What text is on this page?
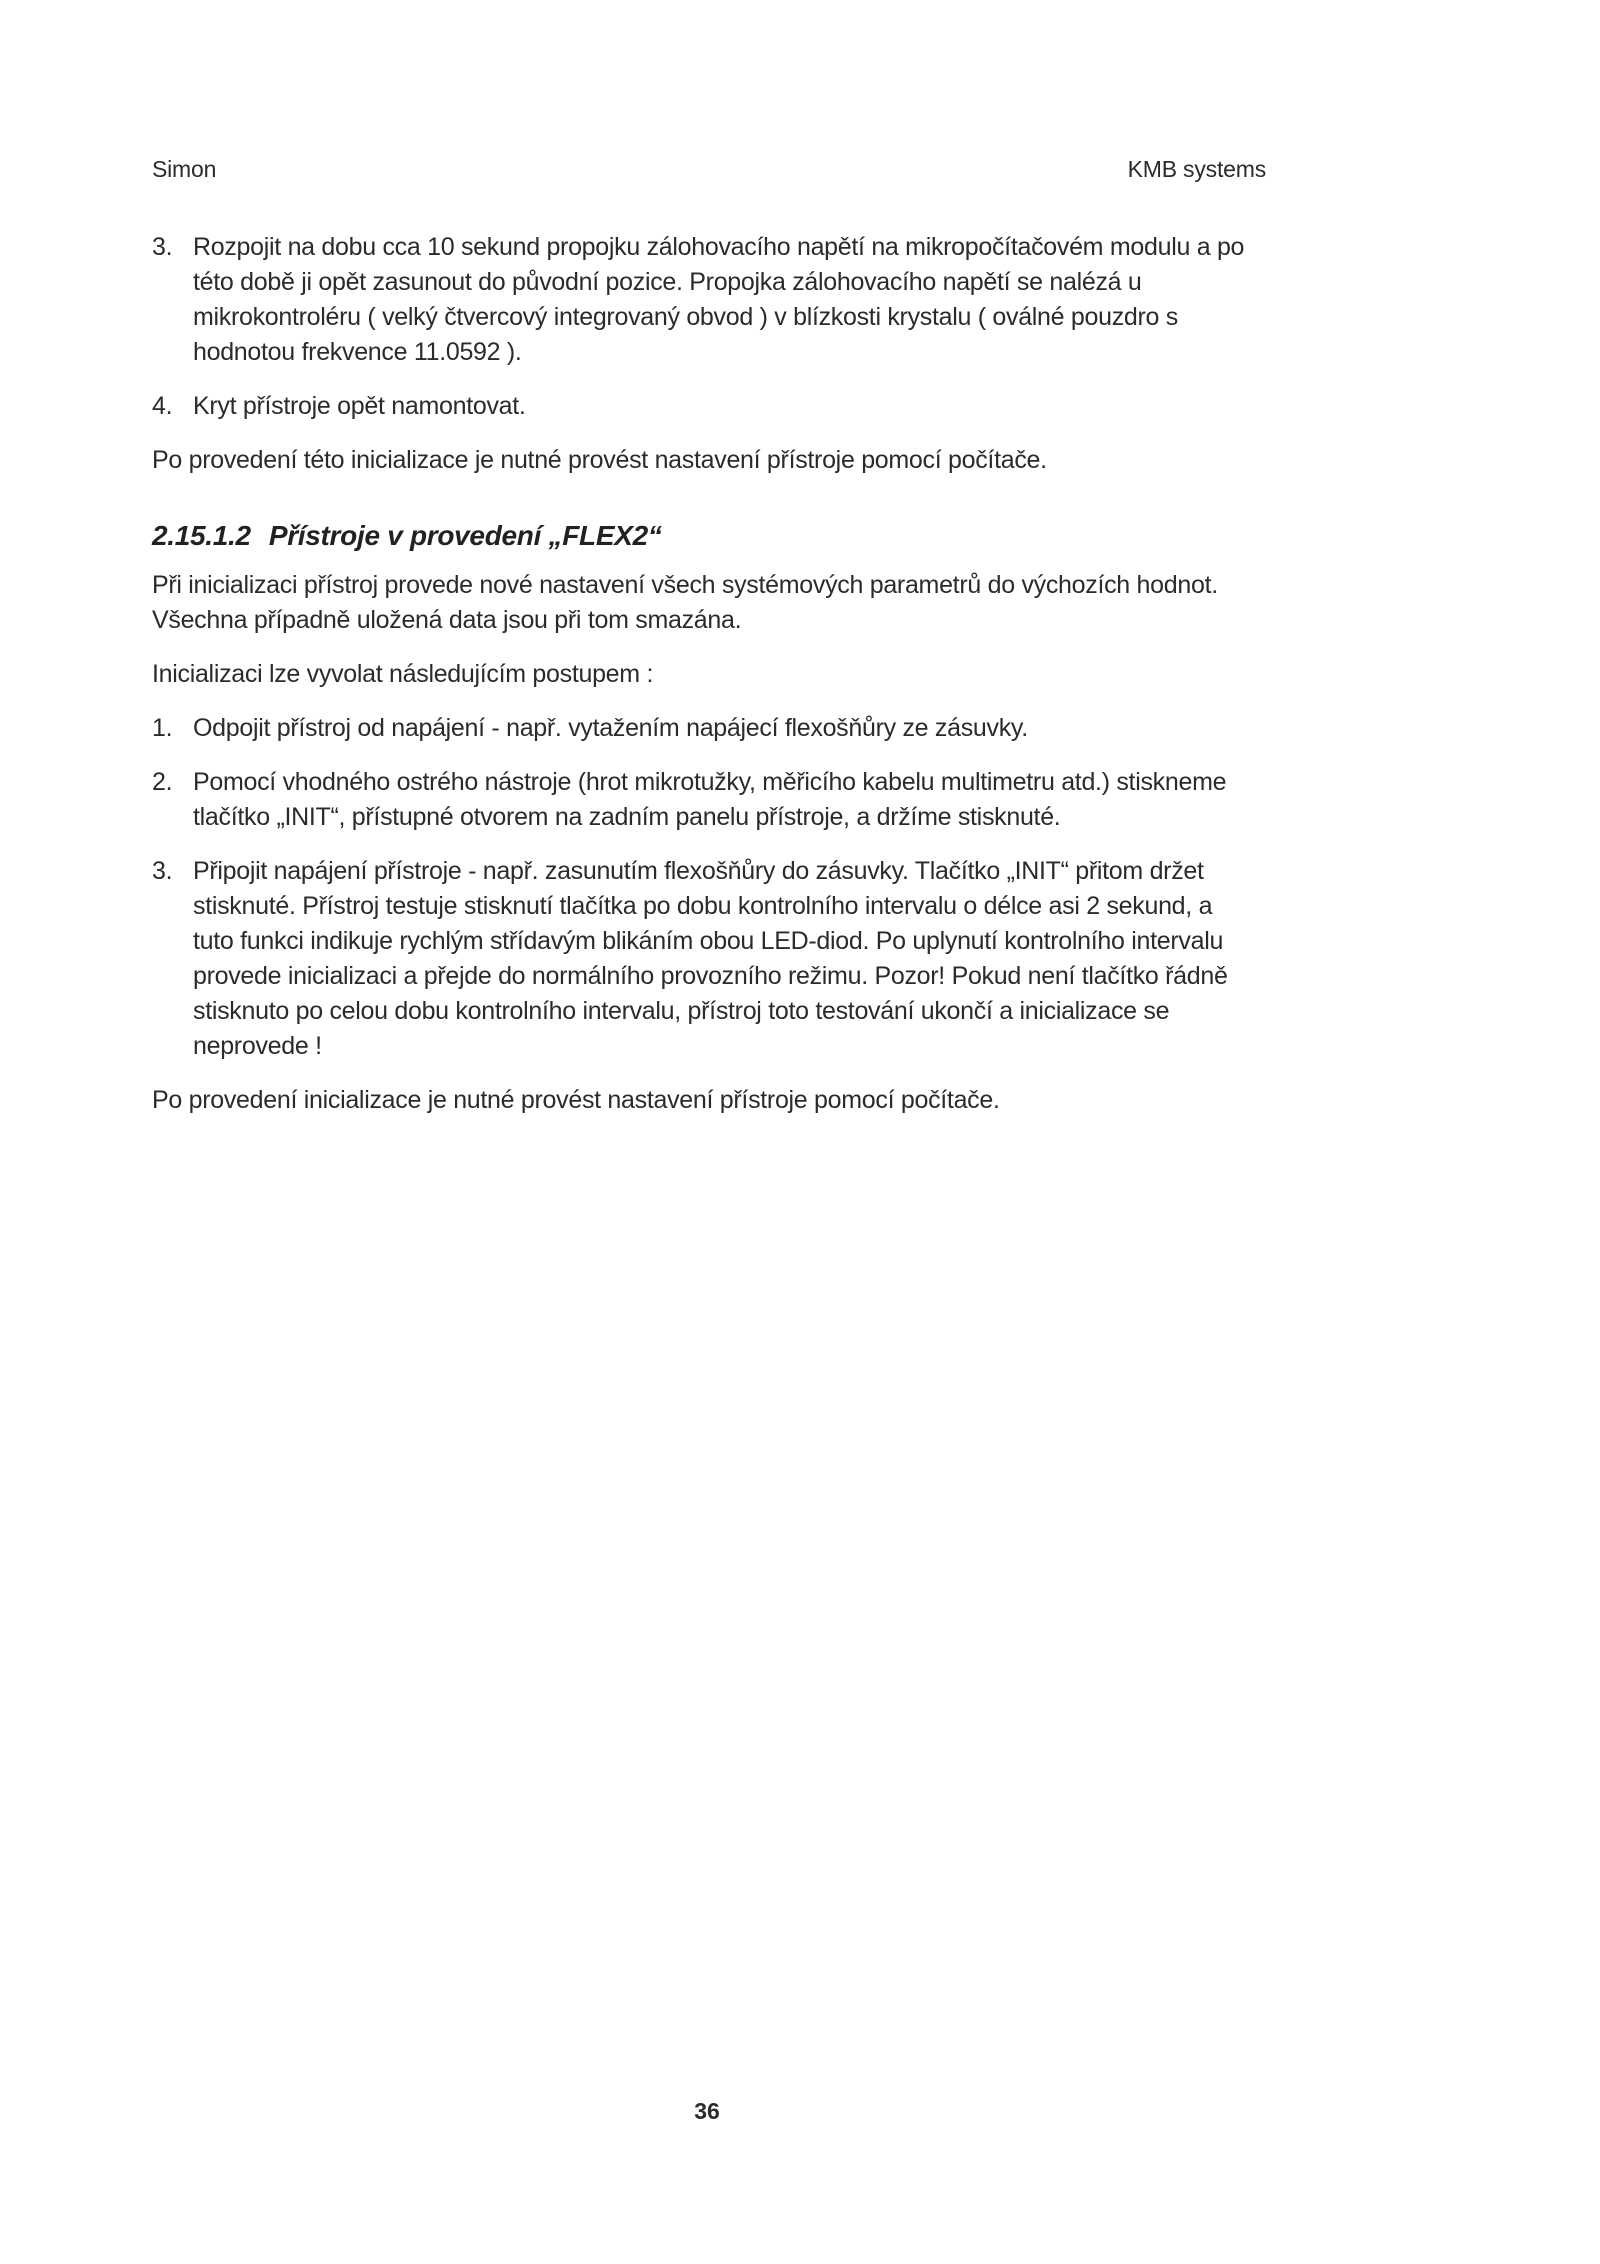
Simon	KMB systems
3. Rozpojit na dobu cca 10 sekund propojku zálohovacího napětí na mikropočítačovém modulu a po
této době ji opět zasunout do původní pozice. Propojka zálohovacího napětí se nalézá u
mikrokontroléru ( velký čtvercový integrovaný obvod ) v blízkosti krystalu ( oválné pouzdro s
hodnotou frekvence 11.0592 ).
4. Kryt přístroje opět namontovat.
Po provedení této inicializace je nutné provést nastavení přístroje pomocí počítače.
2.15.1.2 Přístroje v provedení „FLEX2“
Při inicializaci přístroj provede nové nastavení všech systémových parametrů do výchozích hodnot.
Všechna případně uložená data jsou při tom smazána.
Inicializaci lze vyvolat následujícím postupem :
1. Odpojit přístroj od napájení - např. vytažením napájecí flexošňůry ze zásuvky.
2. Pomocí vhodného ostrého nástroje (hrot mikrotužky, měřicího kabelu multimetru atd.) stiskneme
tlačítko „INIT“, přístupné otvorem na zadním panelu přístroje, a držíme stisknuté.
3. Připojit napájení přístroje - např. zasunutím flexošňůry do zásuvky. Tlačítko „INIT“ přitom držet
stisknuté. Přístroj testuje stisknutí tlačítka po dobu kontrolního intervalu o délce asi 2 sekund, a
tuto funkci indikuje rychlým střídavým blikáním obou LED-diod. Po uplynutí kontrolního intervalu
provede inicializaci a přejde do normálního provozního režimu. Pozor! Pokud není tlačítko řádně
stisknuto po celou dobu kontrolního intervalu, přístroj toto testování ukončí a inicializace se
neprovede !
Po provedení inicializace je nutné provést nastavení přístroje pomocí počítače.
36
